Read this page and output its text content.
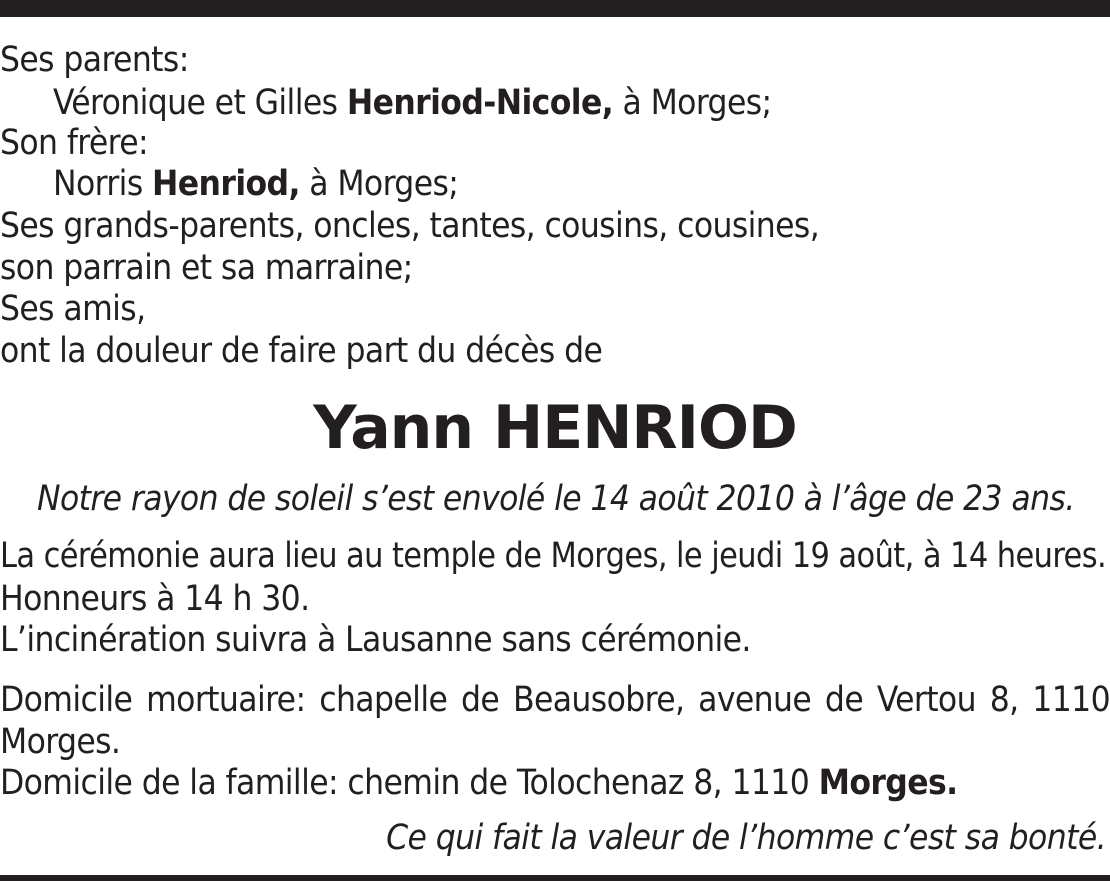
Ses parents:
Véronique et Gilles Henriod-Nicole, à Morges;
Son frère:
Norris Henriod, à Morges;
Ses grands-parents, oncles, tantes, cousins, cousines,
son parrain et sa marraine;
Ses amis,
ont la douleur de faire part du décès de
Yann HENRIOD
Notre rayon de soleil s’est envolé le 14 août 2010 à l’âge de 23 ans.
La cérémonie aura lieu au temple de Morges, le jeudi 19 août, à 14 heures.
Honneurs à 14 h 30.
L’incinération suivra à Lausanne sans cérémonie.
Domicile mortuaire: chapelle de Beausobre, avenue de Vertou 8, 1110
Morges.
Domicile de la famille: chemin de Tolochenaz 8, 1110 Morges.
Ce qui fait la valeur de l’homme c’est sa bonté.
